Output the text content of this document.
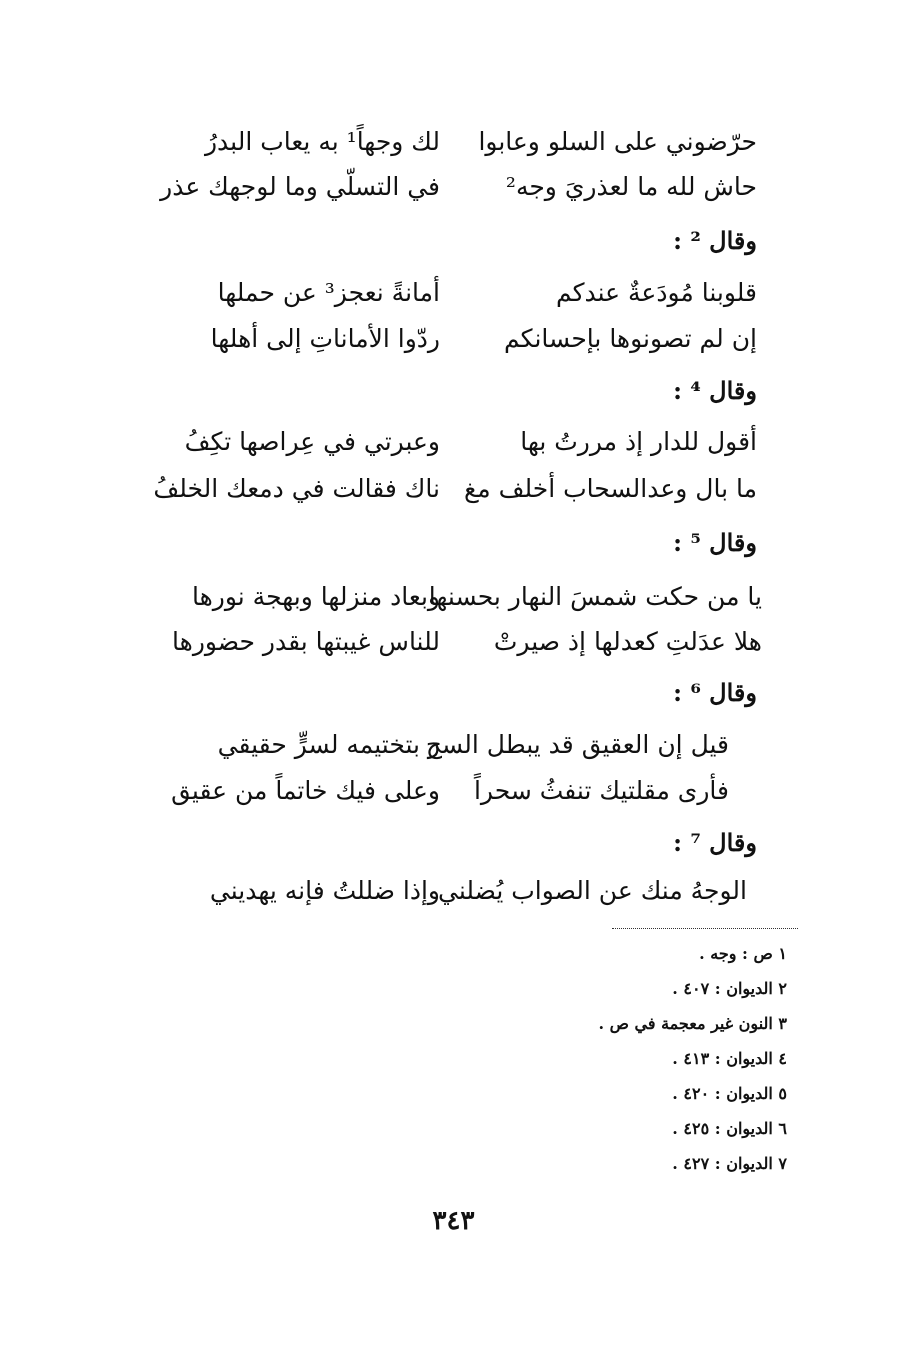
حرّضوني على السلو وعابوا
لك وجهاً¹ به يعاب البدرُ
حاش لله ما لعذريَ وجه²
في التسلّي وما لوجهك عذر
وقال ² :
قلوبنا مُودَعةٌ عندكم
أمانةً نعجز³ عن حملها
إن لم تصونوها بإحسانكم
ردّوا الأماناتِ إلى أهلها
وقال ⁴ :
أقول للدار إذ مررتُ بها
وعبرتي في عِراصها تكِفُ
ما بال وعدالسحاب أخلف مغ
ناك فقالت في دمعك الخلفُ
وقال ⁵ :
يا من حكت شمسَ النهار بحسنها
وبعاد منزلها وبهجة نورها
هلا عدَلتِ كعدلها إذ صيرتْ
للناس غيبتها بقدر حضورها
وقال ⁶ :
قيل إن العقيق قد يبطل السح
ر بتختيمه لسرٍّ حقيقي
فأرى مقلتيك تنفثُ سحراً
وعلى فيك خاتماً من عقيق
وقال ⁷ :
الوجهُ منك عن الصواب يُضلني
وإذا ضللتُ فإنه يهديني
١ ص : وجه .
٢ الديوان : ٤٠٧ .
٣ النون غير معجمة في ص .
٤ الديوان : ٤١٣ .
٥ الديوان : ٤٢٠ .
٦ الديوان : ٤٢٥ .
٧ الديوان : ٤٢٧ .
٣٤٣
